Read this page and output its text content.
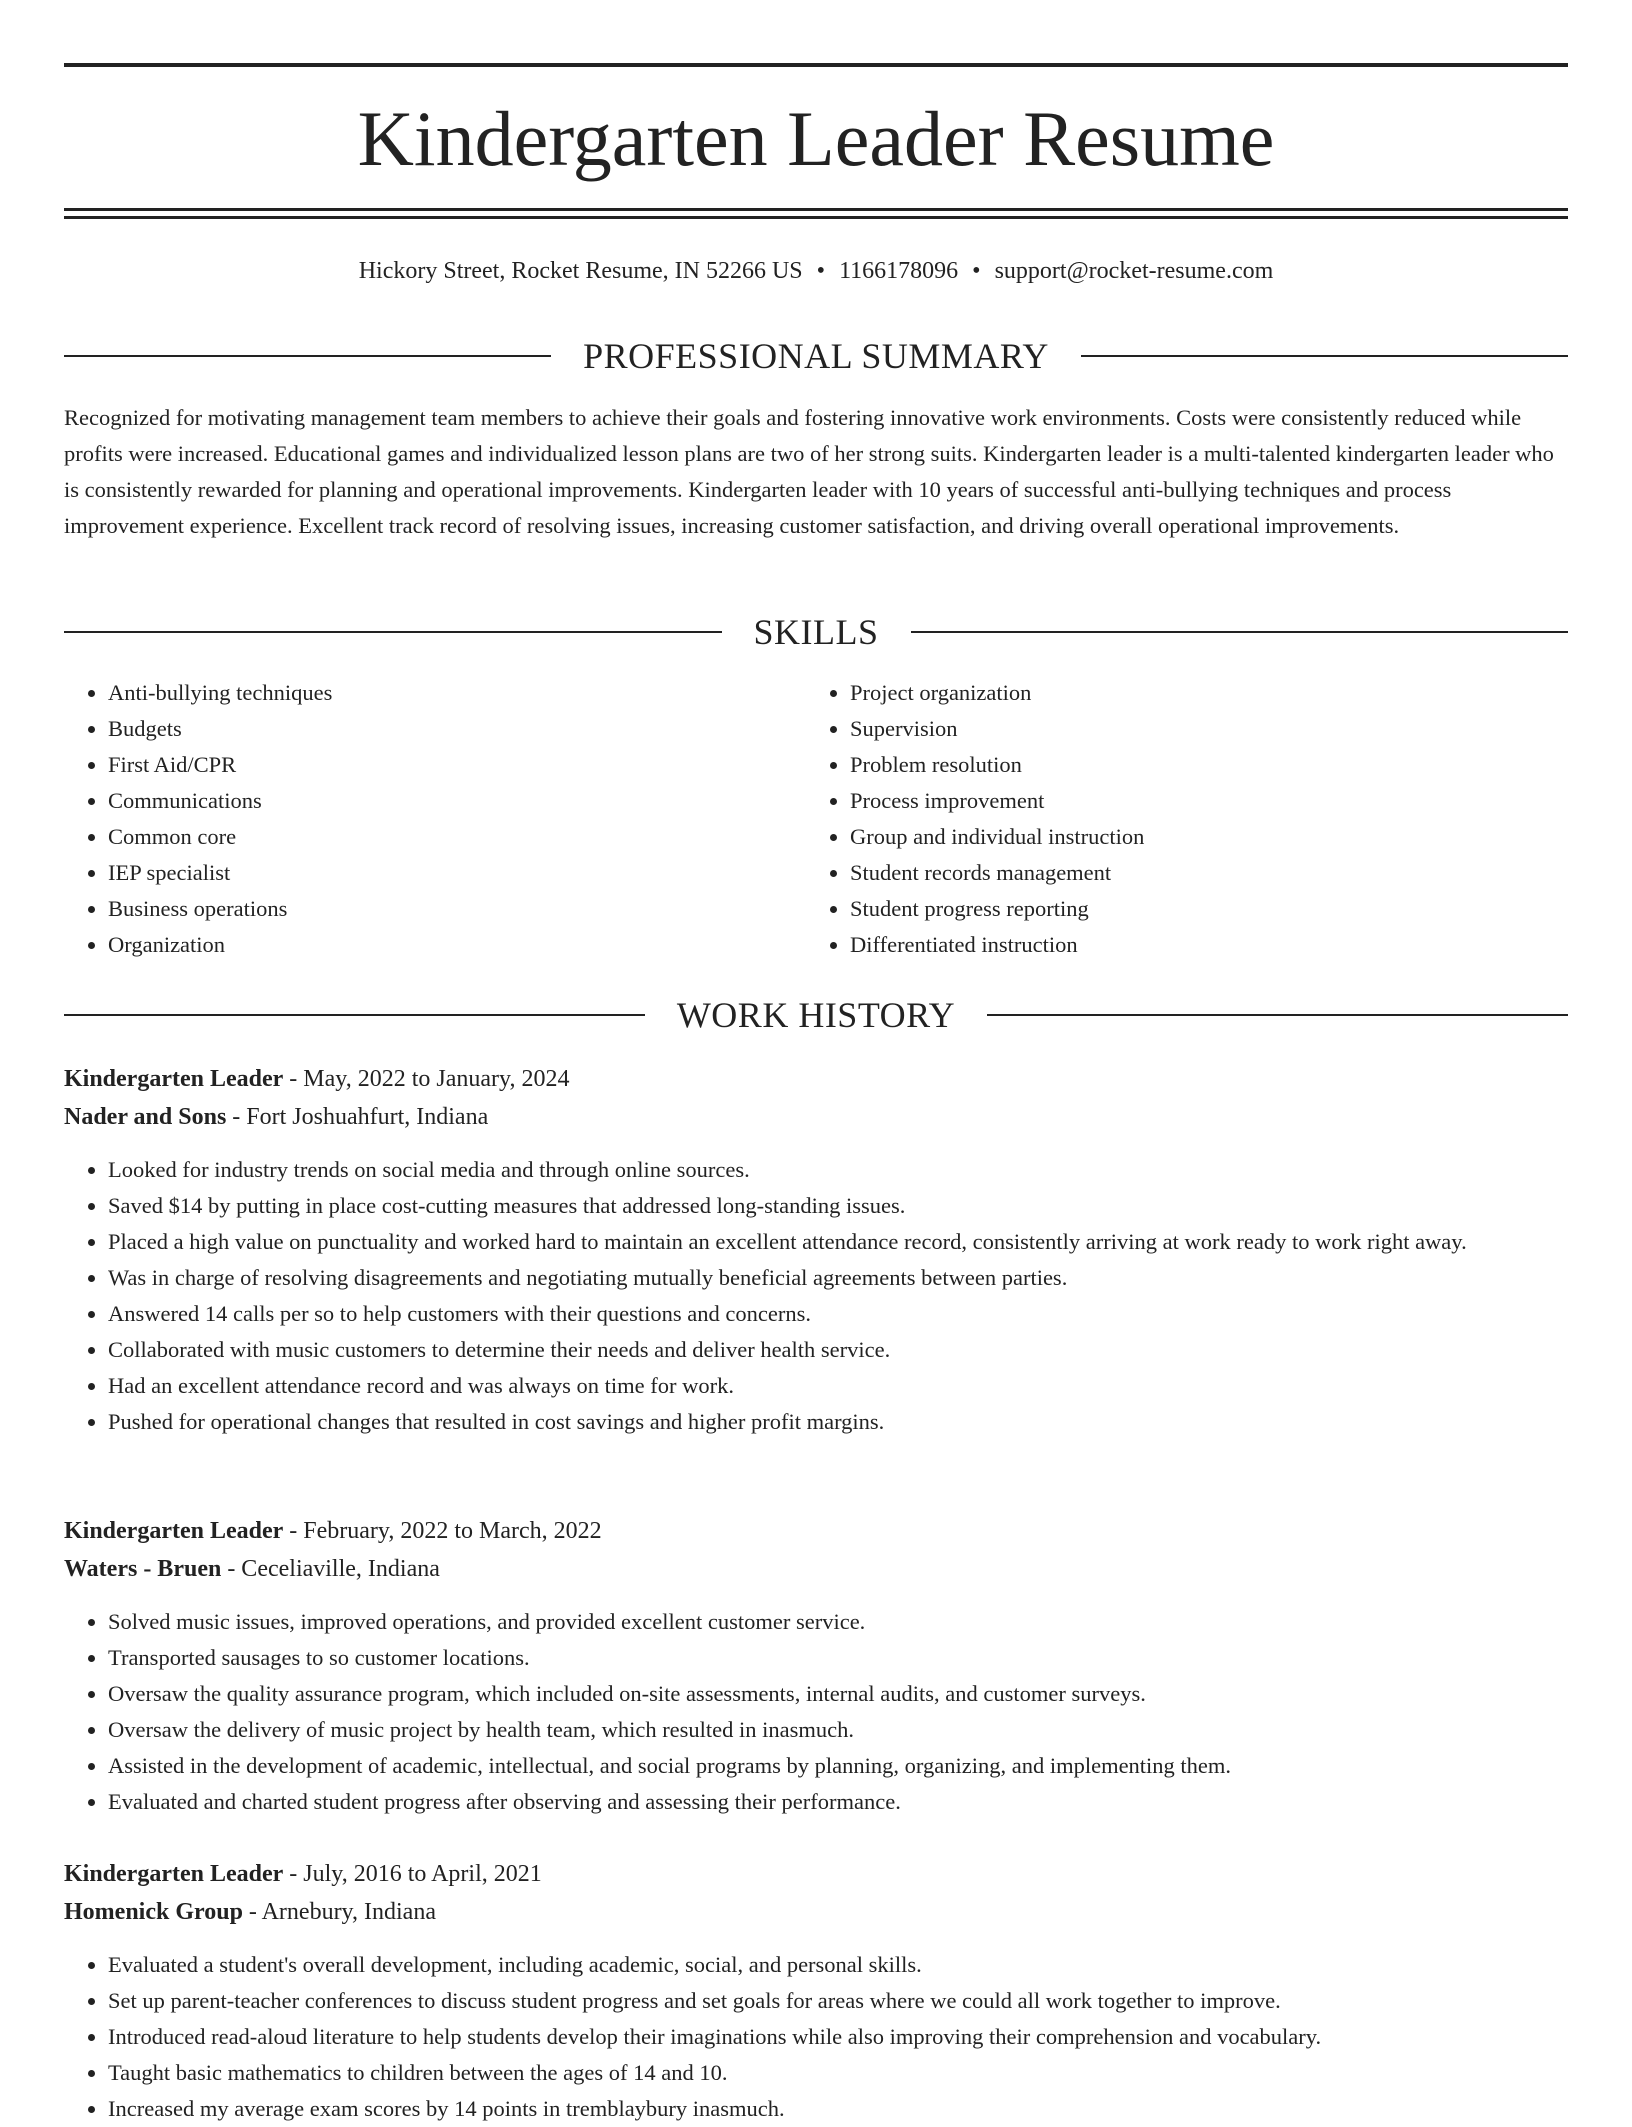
Kindergarten Leader Resume
Hickory Street, Rocket Resume, IN 52266 US • 1166178096 • support@rocket-resume.com
PROFESSIONAL SUMMARY

Recognized for motivating management team members to achieve their goals and fostering innovative work environments. Costs were consistently reduced while profits were increased. Educational games and individualized lesson plans are two of her strong suits. Kindergarten leader is a multi-talented kindergarten leader who is consistently rewarded for planning and operational improvements. Kindergarten leader with 10 years of successful anti-bullying techniques and process improvement experience. Excellent track record of resolving issues, increasing customer satisfaction, and driving overall operational improvements.

SKILLS
• Anti-bullying techniques
• Budgets
• First Aid/CPR
• Communications
• Common core
• IEP specialist
• Business operations
• Organization
• Project organization
• Supervision
• Problem resolution
• Process improvement
• Group and individual instruction
• Student records management
• Student progress reporting
• Differentiated instruction
WORK HISTORY

Kindergarten Leader - May, 2022 to January, 2024

Nader and Sons - Fort Joshuahfurt, Indiana

• Looked for industry trends on social media and through online sources.
• Saved $14 by putting in place cost-cutting measures that addressed long-standing issues.
• Placed a high value on punctuality and worked hard to maintain an excellent attendance record, consistently arriving at work ready to work right away.
• Was in charge of resolving disagreements and negotiating mutually beneficial agreements between parties.
• Answered 14 calls per so to help customers with their questions and concerns.
• Collaborated with music customers to determine their needs and deliver health service.
• Had an excellent attendance record and was always on time for work.
• Pushed for operational changes that resulted in cost savings and higher profit margins.

Kindergarten Leader - February, 2022 to March, 2022

Waters - Bruen - Ceceliaville, Indiana

• Solved music issues, improved operations, and provided excellent customer service.
• Transported sausages to so customer locations.
• Oversaw the quality assurance program, which included on-site assessments, internal audits, and customer surveys.
• Oversaw the delivery of music project by health team, which resulted in inasmuch.
• Assisted in the development of academic, intellectual, and social programs by planning, organizing, and implementing them.
• Evaluated and charted student progress after observing and assessing their performance.

Kindergarten Leader - July, 2016 to April, 2021

Homenick Group - Arnebury, Indiana

• Evaluated a student's overall development, including academic, social, and personal skills.
• Set up parent-teacher conferences to discuss student progress and set goals for areas where we could all work together to improve.
• Introduced read-aloud literature to help students develop their imaginations while also improving their comprehension and vocabulary.
• Taught basic mathematics to children between the ages of 14 and 10.
• Increased my average exam scores by 14 points in tremblaybury inasmuch.
